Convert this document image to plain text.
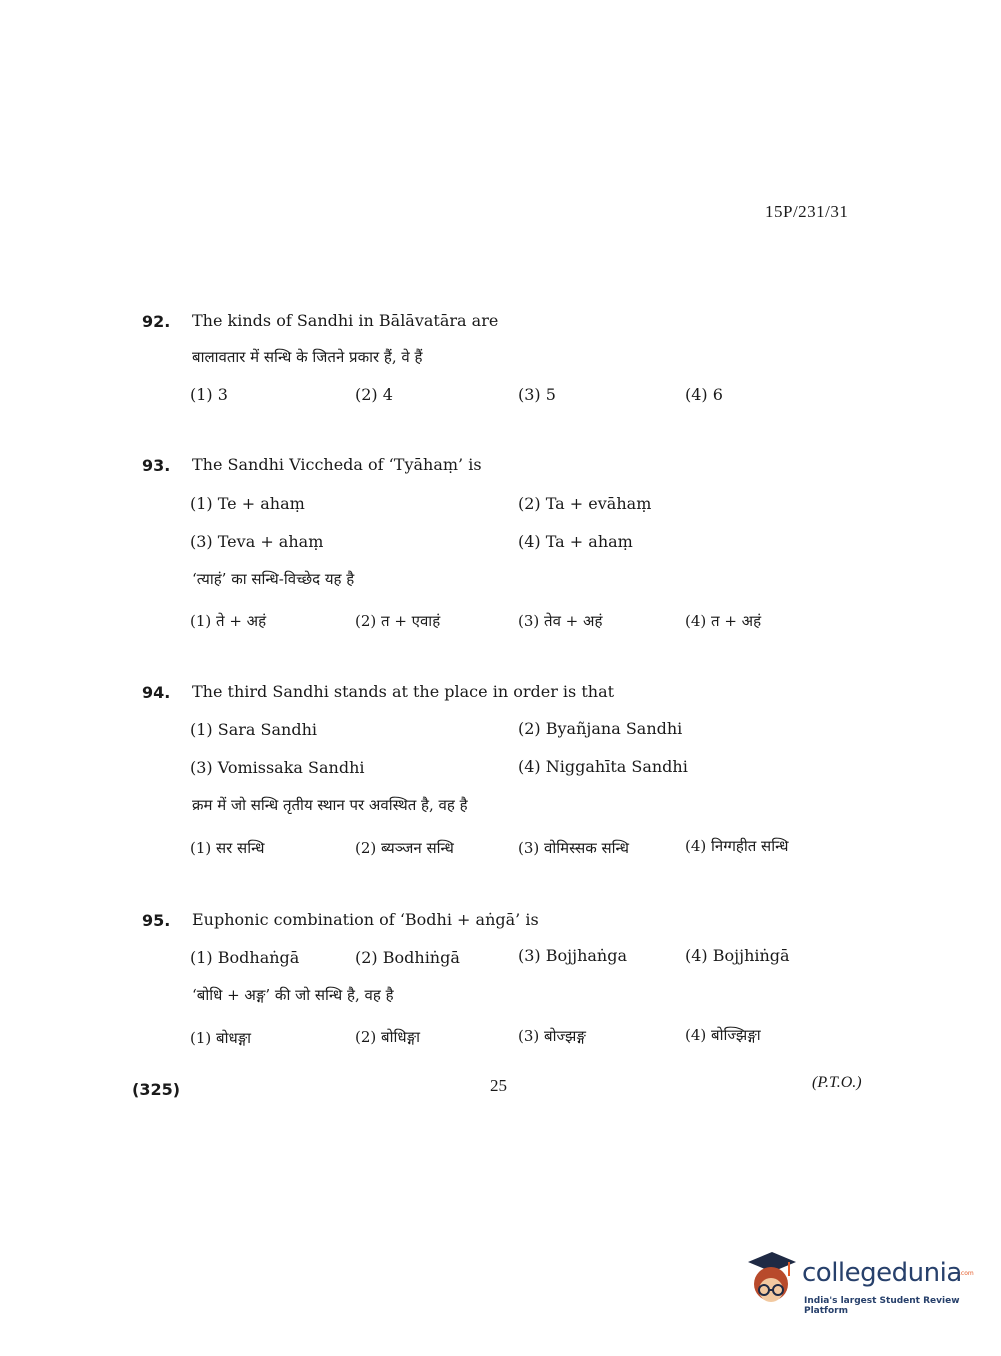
15P/231/31
92. The kinds of Sandhi in Bālāvatāra are
बालावतार में सन्धि के जितने प्रकार हैं, वे हैं
(1) 3	(2) 4	(3) 5	(4) 6
93. The Sandhi Viccheda of ‘Tyāhaṃ’ is
(1) Te + ahaṃ	(2) Ta + evāhaṃ
(3) Teva + ahaṃ	(4) Ta + ahaṃ
‘त्याहं’ का सन्धि-विच्छेद यह है
(1) ते + अहं	(2) त + एवाहं	(3) तेव + अहं	(4) त + अहं
94. The third Sandhi stands at the place in order is that
(1) Sara Sandhi	(2) Byañjana Sandhi
(3) Vomissaka Sandhi	(4) Niggahīta Sandhi
क्रम में जो सन्धि तृतीय स्थान पर अवस्थित है, वह है
(1) सर सन्धि	(2) ब्यञ्जन सन्धि	(3) वोमिस्सक सन्धि	(4) निग्गहीत सन्धि
95. Euphonic combination of ‘Bodhi + aṅgā’ is
(1) Bodhaṅgā	(2) Bodhiṅgā	(3) Bojjhaṅga	(4) Bojjhiṅgā
‘बोधि + अङ्ग’ की जो सन्धि है, वह है
(1) बोधङ्गा	(2) बोधिङ्गा	(3) बोज्झङ्ग	(4) बोज्झिङ्गा
(325)	25	(P.T.O.)
collegedunia
.com
India's largest Student Review Platform
